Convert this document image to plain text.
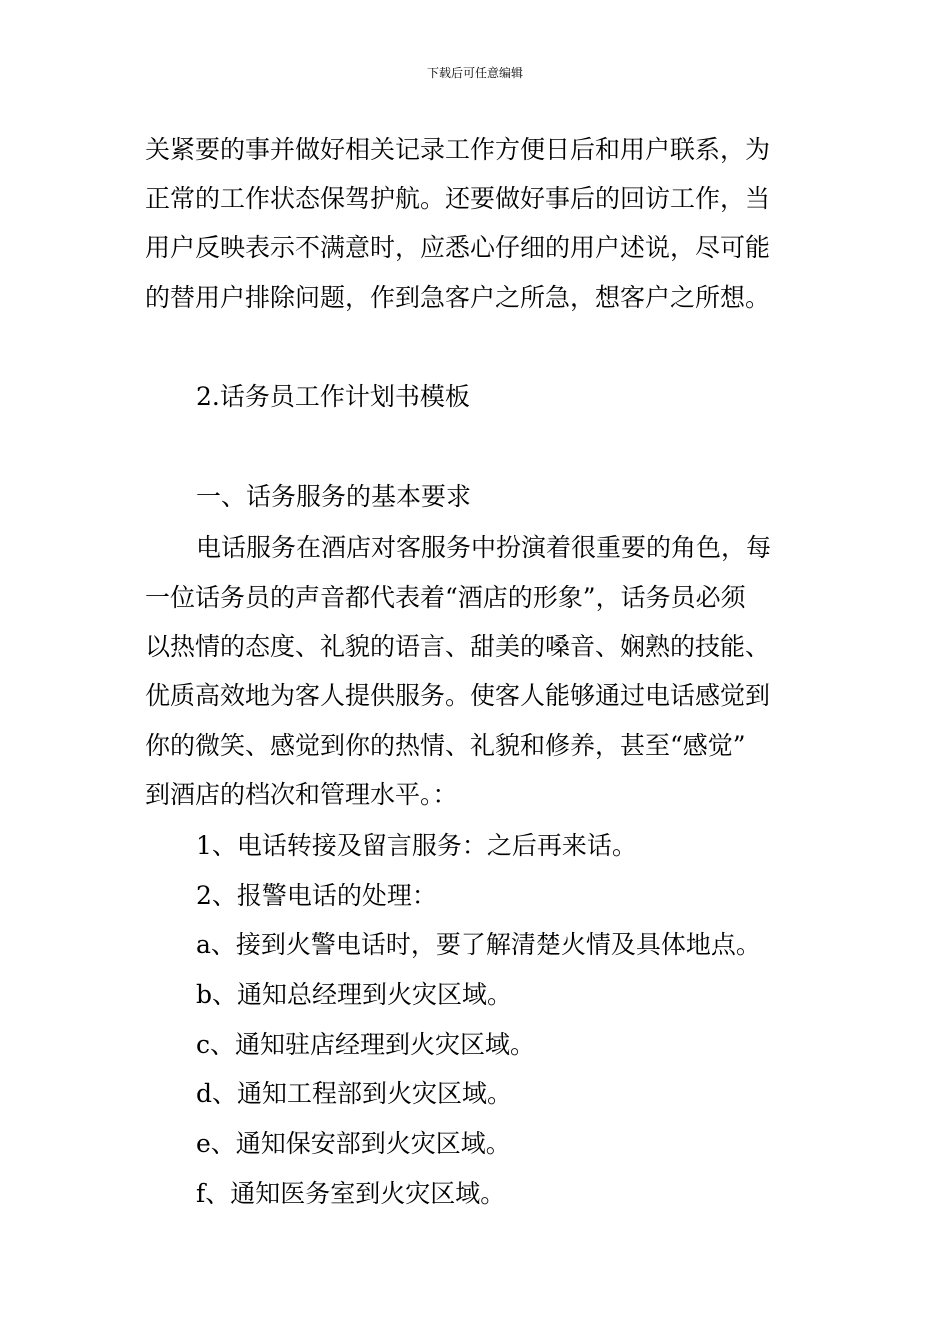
下载后可任意编辑
关紧要的事并做好相关记录工作方便日后和用户联系，为
正常的工作状态保驾护航。还要做好事后的回访工作，当
用户反映表示不满意时，应悉心仔细的用户述说，尽可能
的替用户排除问题，作到急客户之所急，想客户之所想。
2.话务员工作计划书模板
一、话务服务的基本要求
电话服务在酒店对客服务中扮演着很重要的角色，每
一位话务员的声音都代表着“酒店的形象”，话务员必须
以热情的态度、礼貌的语言、甜美的嗓音、娴熟的技能、
优质高效地为客人提供服务。使客人能够通过电话感觉到
你的微笑、感觉到你的热情、礼貌和修养，甚至“感觉”
到酒店的档次和管理水平。：
1、电话转接及留言服务：之后再来话。
2、报警电话的处理：
a、接到火警电话时，要了解清楚火情及具体地点。
b、通知总经理到火灾区域。
c、通知驻店经理到火灾区域。
d、通知工程部到火灾区域。
e、通知保安部到火灾区域。
f、通知医务室到火灾区域。
